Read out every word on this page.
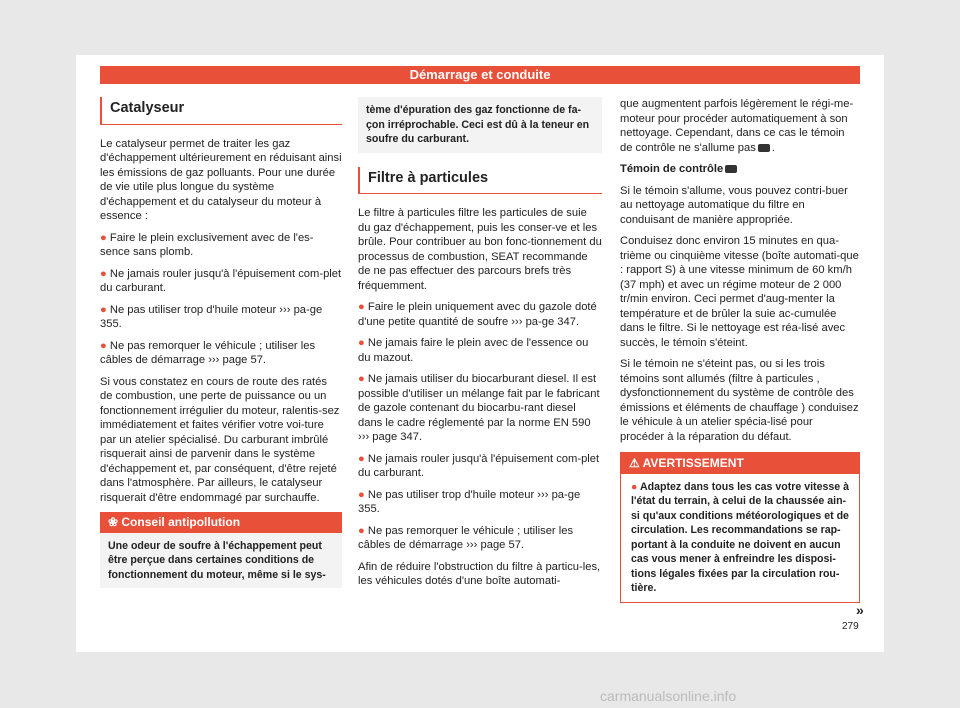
Démarrage et conduite
Catalyseur

Le catalyseur permet de traiter les gaz d'échappement ultérieurement en réduisant ainsi les émissions de gaz polluants. Pour une durée de vie utile plus longue du système d'échappement et du catalyseur du moteur à essence :

● Faire le plein exclusivement avec de l'es-sence sans plomb.

● Ne jamais rouler jusqu'à l'épuisement com-plet du carburant.

● Ne pas utiliser trop d'huile moteur ››› pa-ge 355.

● Ne pas remorquer le véhicule ; utiliser les câbles de démarrage ››› page 57.

Si vous constatez en cours de route des ratés de combustion, une perte de puissance ou un fonctionnement irrégulier du moteur, ralentis-sez immédiatement et faites vérifier votre voi-ture par un atelier spécialisé. Du carburant imbrûlé risquerait ainsi de parvenir dans le système d'échappement et, par conséquent, d'être rejeté dans l'atmosphère. Par ailleurs, le catalyseur risquerait d'être endommagé par surchauffe.

❀ Conseil antipollution
Une odeur de soufre à l'échappement peut être perçue dans certaines conditions de fonctionnement du moteur, même si le sys-
tème d'épuration des gaz fonctionne de fa-çon irréprochable. Ceci est dû à la teneur en soufre du carburant.
Filtre à particules

Le filtre à particules filtre les particules de suie du gaz d'échappement, puis les conser-ve et les brûle. Pour contribuer au bon fonc-tionnement du processus de combustion, SEAT recommande de ne pas effectuer des parcours brefs très fréquemment.

● Faire le plein uniquement avec du gazole doté d'une petite quantité de soufre ››› pa-ge 347.

● Ne jamais faire le plein avec de l'essence ou du mazout.

● Ne jamais utiliser du biocarburant diesel. Il est possible d'utiliser un mélange fait par le fabricant de gazole contenant du biocarbu-rant diesel dans le cadre réglementé par la norme EN 590 ››› page 347.

● Ne jamais rouler jusqu'à l'épuisement com-plet du carburant.

● Ne pas utiliser trop d'huile moteur ››› pa-ge 355.

● Ne pas remorquer le véhicule ; utiliser les câbles de démarrage ››› page 57.

Afin de réduire l'obstruction du filtre à particu-les, les véhicules dotés d'une boîte automati-

que augmentent parfois légèrement le régi-me-moteur pour procéder automatiquement à son nettoyage. Cependant, dans ce cas le témoin de contrôle ne s'allume pas .

Témoin de contrôle

Si le témoin s'allume, vous pouvez contri-buer au nettoyage automatique du filtre en conduisant de manière appropriée.

Conduisez donc environ 15 minutes en qua-trième ou cinquième vitesse (boîte automati-que : rapport S) à une vitesse minimum de 60 km/h (37 mph) et avec un régime moteur de 2 000 tr/min environ. Ceci permet d'aug-menter la température et de brûler la suie ac-cumulée dans le filtre. Si le nettoyage est réa-lisé avec succès, le témoin s'éteint.

Si le témoin ne s'éteint pas, ou si les trois témoins sont allumés (filtre à particules , dysfonctionnement du système de contrôle des émissions et éléments de chauffage ) conduisez le véhicule à un atelier spécia-lisé pour procéder à la réparation du défaut.

⚠ AVERTISSEMENT
● Adaptez dans tous les cas votre vitesse à l'état du terrain, à celui de la chaussée ain-si qu'aux conditions météorologiques et de circulation. Les recommandations se rap-portant à la conduite ne doivent en aucun cas vous mener à enfreindre les disposi-tions légales fixées par la circulation rou-tière.
»
279
carmanualsonline.info
